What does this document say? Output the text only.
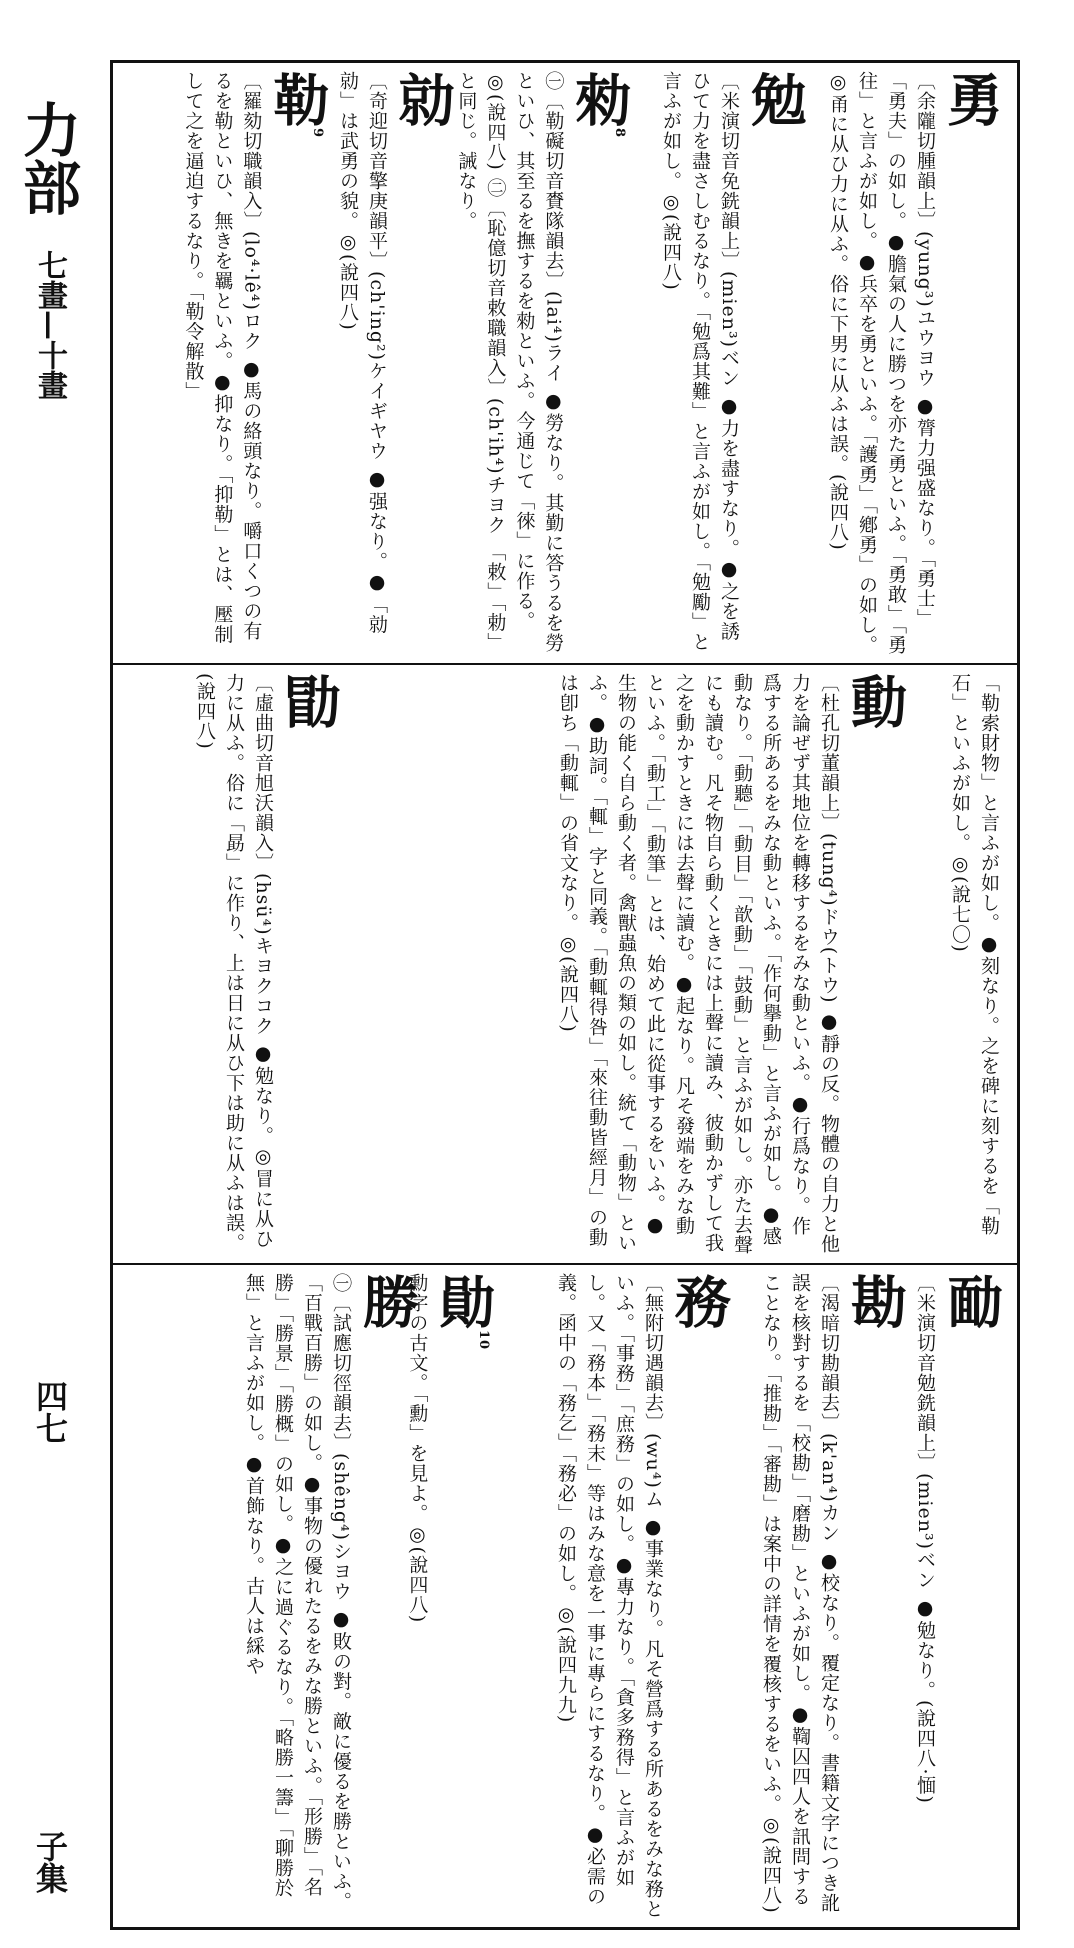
力部
七畫—十畫
四七
子集
勇
〔余隴切腫韻上〕(yung³)ユウヨウ ●膂力强盛なり。「勇士」「勇夫」の如し。●膽氣の人に勝つを亦た勇といふ。「勇敢」「勇往」と言ふが如し。●兵卒を勇といふ。「護勇」「鄕勇」の如し。◎甬に从ひ力に从ふ。俗に下男に从ふは誤。(說四八)
勉
〔米演切音免銑韻上〕(mien³)ベン ●力を盡すなり。●之を誘ひて力を盡さしむるなり。「勉爲其難」と言ふが如し。「勉勵」と言ふが如し。◎(說四八)
勑$^8$
㊀〔勒礙切音賚隊韻去〕(lai⁴)ライ ●勞なり。其勤に答うるを勞といひ、其至るを撫するを勑といふ。今通じて「徠」に作る。◎(說四八) ㊁〔恥億切音敕職韻入〕(ch'ih⁴)チヨク 「敕」「勅」と同じ。誡なり。
勍
〔奇迎切音擎庚韻平〕(ch'ing²)ケイギヤウ ●强なり。●「勍勍」は武勇の貌。◎(說四八)
勒$^9$
〔羅劾切職韻入〕(lo⁴·lê⁴)ロク ●馬の絡頭なり。嚼口くつの有るを勒といひ、無きを羈といふ。●抑なり。「抑勒」とは、壓制して之を逼迫するなり。「勒令解散」
「勒索財物」と言ふが如し。●刻なり。之を碑に刻するを「勒石」といふが如し。◎(說七〇)
動
〔杜孔切董韻上〕(tung⁴)ドウ(トウ) ●靜の反。物體の自力と他力を論ぜず其地位を轉移するをみな動といふ。●行爲なり。作爲する所あるをみな動といふ。「作何擧動」と言ふが如し。●感動なり。「動聽」「動目」「歆動」「鼓動」と言ふが如し。亦た去聲にも讀む。凡そ物自ら動くときには上聲に讀み、彼動かずして我之を動かすときには去聲に讀む。●起なり。凡そ發端をみな動といふ。「動工」「動筆」とは、始めて此に從事するをいふ。●生物の能く自ら動く者。禽獸蟲魚の類の如し。統て「動物」といふ。●助詞。「輒」字と同義。「動輒得咎」「來往動皆經月」の動は卽ち「動輒」の省文なり。◎(說四八)
勖
〔虛曲切音旭沃韻入〕(hsü⁴)キヨクコク ●勉なり。◎冒に从ひ力に从ふ。俗に「勗」に作り、上は日に从ひ下は助に从ふは誤。(說四八)
勔
〔米演切音勉銑韻上〕(mien³)ベン ●勉なり。(說四八·愐)
勘
〔渴暗切勘韻去〕(k'an⁴)カン ●校なり。覆定なり。書籍文字につき訛誤を核對するを「校勘」「磨勘」といふが如し。●鞫囚四人を訊問することなり。「推勘」「審勘」は案中の詳情を覆核するをいふ。◎(說四八)
務
〔無附切遇韻去〕(wu⁴)ム ●事業なり。凡そ營爲する所あるをみな務といふ。「事務」「庶務」の如し。●專力なり。「貪多務得」と言ふが如し。又「務本」「務末」等はみな意を一事に專らにするなり。●必需の義。函中の「務乞」「務必」の如し。◎(說四九九)
勛$^{10}$
勳字の古文。「勳」を見よ。◎(說四八)
勝
㊀〔試應切徑韻去〕(shêng⁴)シヨウ ●敗の對。敵に優るを勝といふ。「百戰百勝」の如し。●事物の優れたるをみな勝といふ。「形勝」「名勝」「勝景」「勝概」の如し。●之に過ぐるなり。「略勝一籌」「聊勝於無」と言ふが如し。●首飾なり。古人は綵や
